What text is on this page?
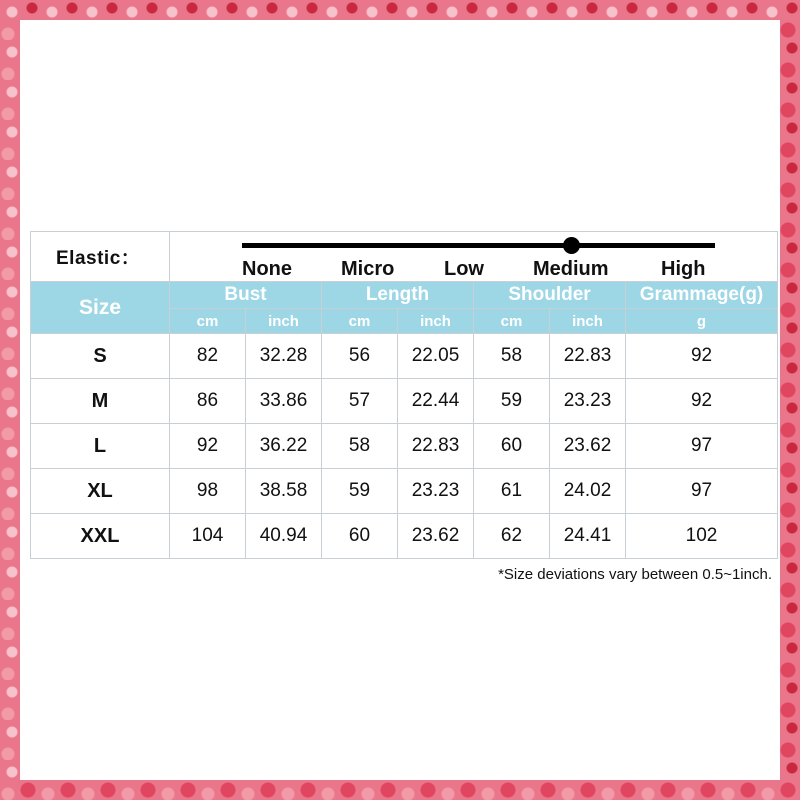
Elastic：	None Micro Low Medium High						

Size	Bust		Length		Shoulder		Grammage(g)
	cm	inch	cm	inch	cm	inch	g
S	82	32.28	56	22.05	58	22.83	92
M	86	33.86	57	22.44	59	23.23	92
L	92	36.22	58	22.83	60	23.62	97
XL	98	38.58	59	23.23	61	24.02	97
XXL	104	40.94	60	23.62	62	24.41	102
*Size deviations vary between 0.5~1inch.
